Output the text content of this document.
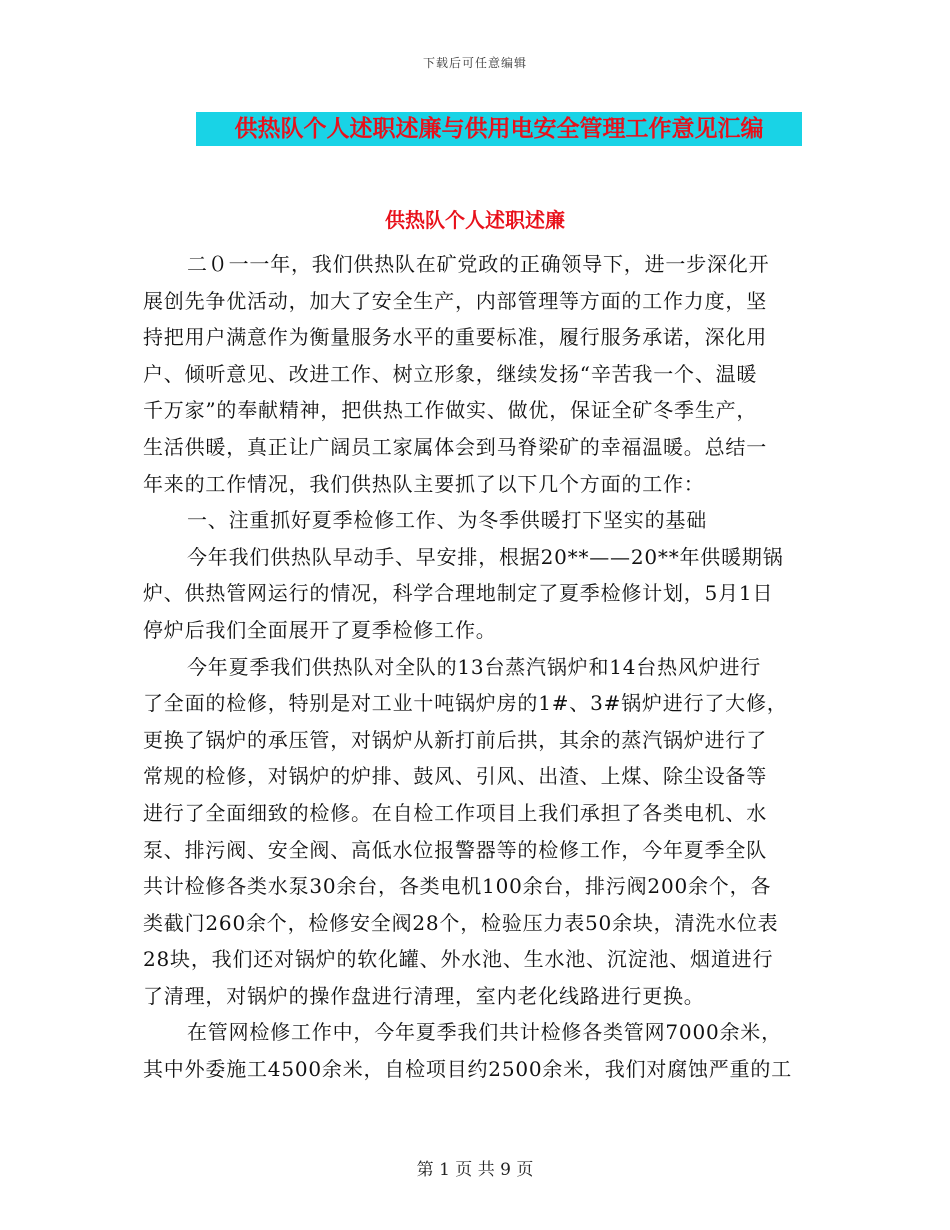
下载后可任意编辑
供热队个人述职述廉与供用电安全管理工作意见汇编
供热队个人述职述廉
二０一一年，我们供热队在矿党政的正确领导下，进一步深化开
展创先争优活动，加大了安全生产，内部管理等方面的工作力度，坚
持把用户满意作为衡量服务水平的重要标准，履行服务承诺，深化用
户、倾听意见、改进工作、树立形象，继续发扬“辛苦我一个、温暖
千万家”的奉献精神，把供热工作做实、做优，保证全矿冬季生产，
生活供暖，真正让广阔员工家属体会到马脊梁矿的幸福温暖。总结一
年来的工作情况，我们供热队主要抓了以下几个方面的工作：
一、注重抓好夏季检修工作、为冬季供暖打下坚实的基础
今年我们供热队早动手、早安排，根据20**——20**年供暖期锅
炉、供热管网运行的情况，科学合理地制定了夏季检修计划，5月1日
停炉后我们全面展开了夏季检修工作。
今年夏季我们供热队对全队的13台蒸汽锅炉和14台热风炉进行
了全面的检修，特别是对工业十吨锅炉房的1#、3#锅炉进行了大修，
更换了锅炉的承压管，对锅炉从新打前后拱，其余的蒸汽锅炉进行了
常规的检修，对锅炉的炉排、鼓风、引风、出渣、上煤、除尘设备等
进行了全面细致的检修。在自检工作项目上我们承担了各类电机、水
泵、排污阀、安全阀、高低水位报警器等的检修工作，今年夏季全队
共计检修各类水泵30余台，各类电机100余台，排污阀200余个，各
类截门260余个，检修安全阀28个，检验压力表50余块，清洗水位表
28块，我们还对锅炉的软化罐、外水池、生水池、沉淀池、烟道进行
了清理，对锅炉的操作盘进行清理，室内老化线路进行更换。
在管网检修工作中，今年夏季我们共计检修各类管网7000余米，
其中外委施工4500余米，自检项目约2500余米，我们对腐蚀严重的工
第 1 页 共 9 页
